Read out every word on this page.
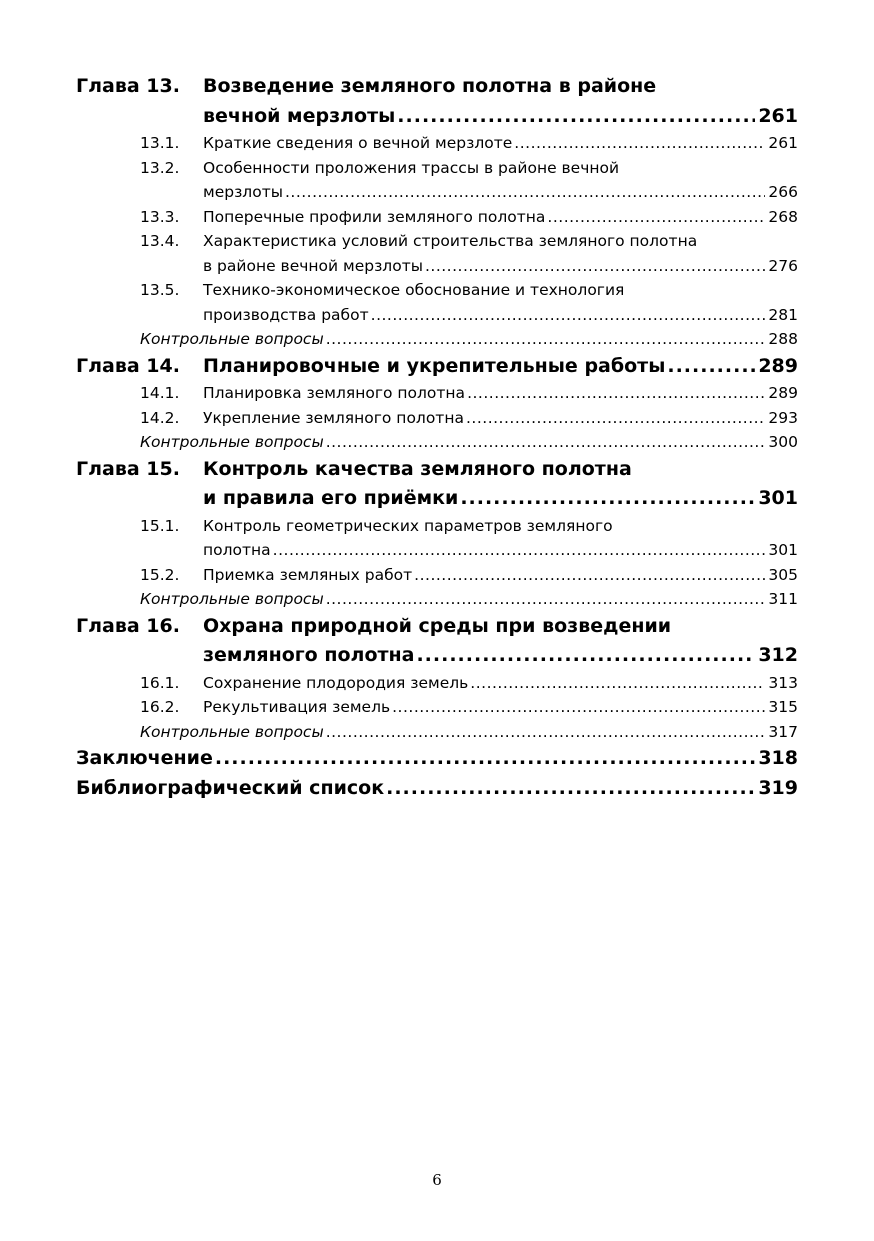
Глава 13.	Возведение земляного полотна в районе
вечной мерзлоты .....	261
13.1.	Краткие сведения о вечной мерзлоте .....	261
13.2.	Особенности проложения трассы в районе вечной
мерзлоты .....	266
13.3.	Поперечные профили земляного полотна .....	268
13.4.	Характеристика условий строительства земляного полотна
в районе вечной мерзлоты .....	276
13.5.	Технико-экономическое обоснование и технология
производства работ .....	281
Контрольные вопросы .....	288
Глава 14.	Планировочные и укрепительные работы .....	289
14.1.	Планировка земляного полотна .....	289
14.2.	Укрепление земляного полотна .....	293
Контрольные вопросы .....	300
Глава 15.	Контроль качества земляного полотна
и правила его приёмки .....	301
15.1.	Контроль геометрических параметров земляного
полотна .....	301
15.2.	Приемка земляных работ .....	305
Контрольные вопросы .....	311
Глава 16.	Охрана природной среды при возведении
земляного полотна .....	312
16.1.	Сохранение плодородия земель .....	313
16.2.	Рекультивация земель .....	315
Контрольные вопросы .....	317
Заключение .....	318
Библиографический список .....	319
6
